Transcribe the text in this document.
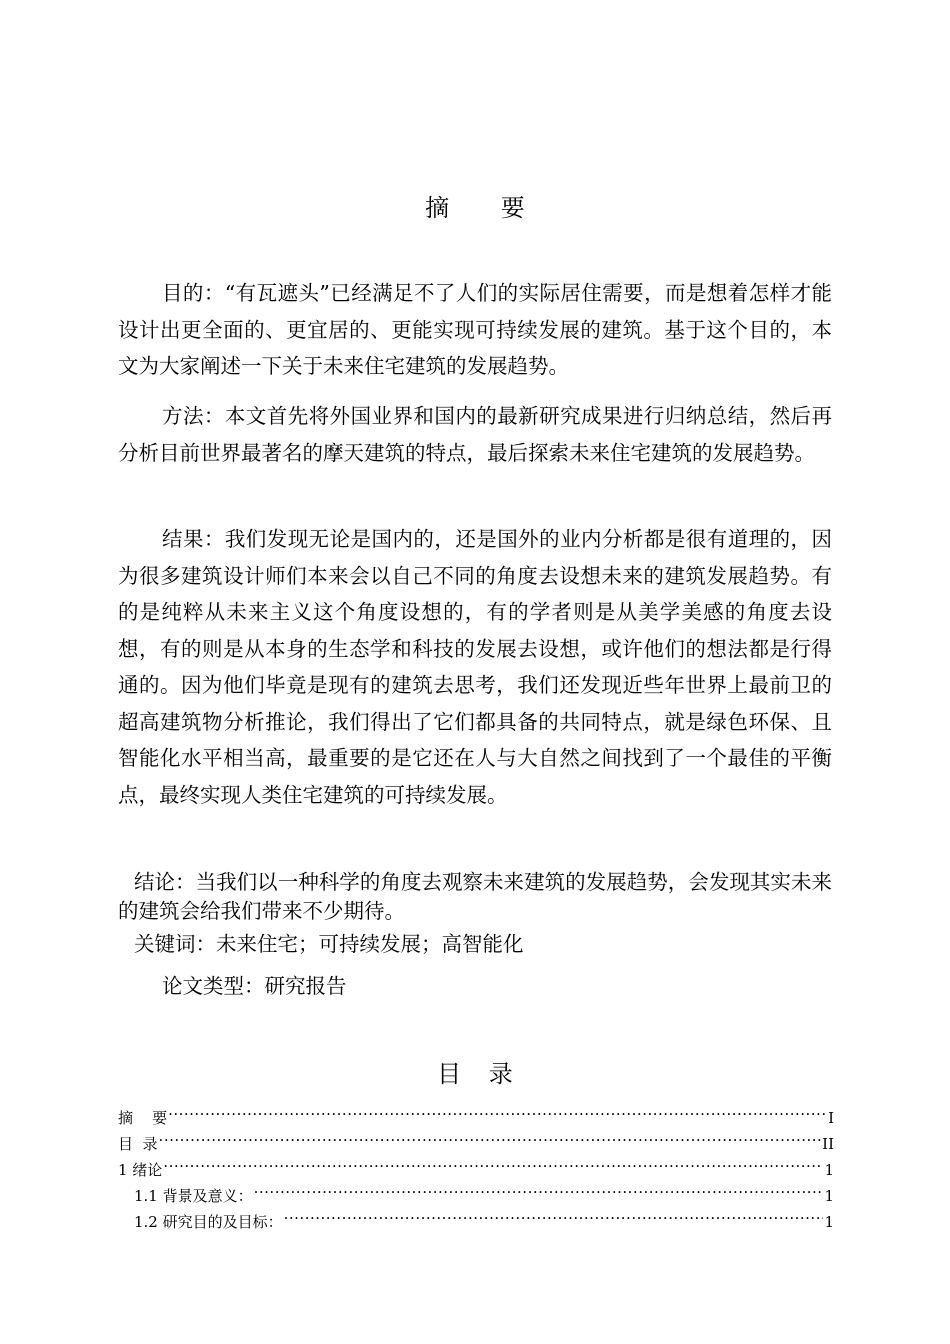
摘 要

目的：“有瓦遮头”已经满足不了人们的实际居住需要，而是想着怎样才能设计出更全面的、更宜居的、更能实现可持续发展的建筑。基于这个目的，本文为大家阐述一下关于未来住宅建筑的发展趋势。

方法：本文首先将外国业界和国内的最新研究成果进行归纳总结，然后再分析目前世界最著名的摩天建筑的特点，最后探索未来住宅建筑的发展趋势。

结果：我们发现无论是国内的，还是国外的业内分析都是很有道理的，因为很多建筑设计师们本来会以自己不同的角度去设想未来的建筑发展趋势。有的是纯粹从未来主义这个角度设想的，有的学者则是从美学美感的角度去设想，有的则是从本身的生态学和科技的发展去设想，或许他们的想法都是行得通的。因为他们毕竟是现有的建筑去思考，我们还发现近些年世界上最前卫的超高建筑物分析推论，我们得出了它们都具备的共同特点，就是绿色环保、且智能化水平相当高，最重要的是它还在人与大自然之间找到了一个最佳的平衡点，最终实现人类住宅建筑的可持续发展。

结论：当我们以一种科学的角度去观察未来建筑的发展趋势，会发现其实未来的建筑会给我们带来不少期待。

关键词：未来住宅；可持续发展；高智能化

论文类型：研究报告

目 录
摘    要 .....	I
目  录 .....	II
1 绪论 .....	1
1.1 背景及意义： .....	1
1.2 研究目的及目标： .....	1
